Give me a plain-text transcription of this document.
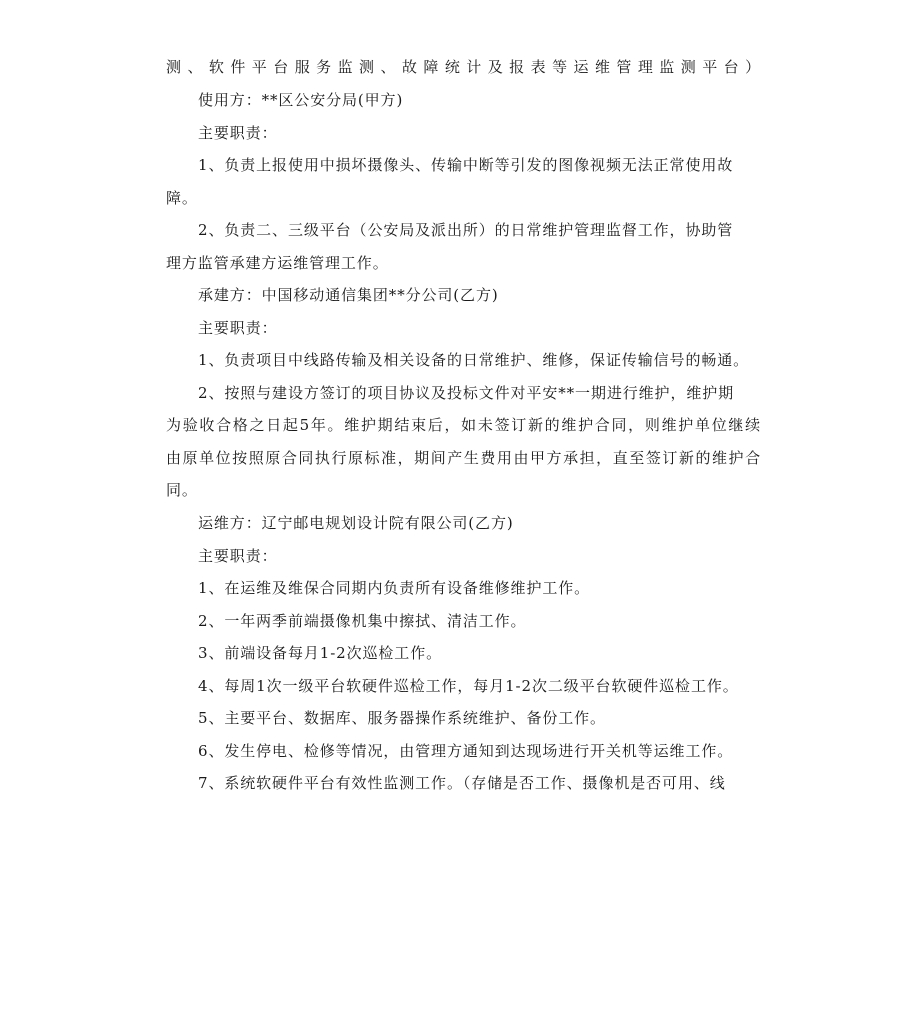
测、软件平台服务监测、故障统计及报表等运维管理监测平台）

使用方：**区公安分局(甲方)

主要职责：

1、负责上报使用中损坏摄像头、传输中断等引发的图像视频无法正常使用故

障。

2、负责二、三级平台（公安局及派出所）的日常维护管理监督工作，协助管

理方监管承建方运维管理工作。

承建方：中国移动通信集团**分公司(乙方)

主要职责：

1、负责项目中线路传输及相关设备的日常维护、维修，保证传输信号的畅通。

2、按照与建设方签订的项目协议及投标文件对平安**一期进行维护，维护期

为验收合格之日起5年。维护期结束后，如未签订新的维护合同，则维护单位继续

由原单位按照原合同执行原标准，期间产生费用由甲方承担，直至签订新的维护合

同。

运维方：辽宁邮电规划设计院有限公司(乙方)

主要职责：

1、在运维及维保合同期内负责所有设备维修维护工作。

2、一年两季前端摄像机集中擦拭、清洁工作。

3、前端设备每月1-2次巡检工作。

4、每周1次一级平台软硬件巡检工作，每月1-2次二级平台软硬件巡检工作。

5、主要平台、数据库、服务器操作系统维护、备份工作。

6、发生停电、检修等情况，由管理方通知到达现场进行开关机等运维工作。

7、系统软硬件平台有效性监测工作。（存储是否工作、摄像机是否可用、线
